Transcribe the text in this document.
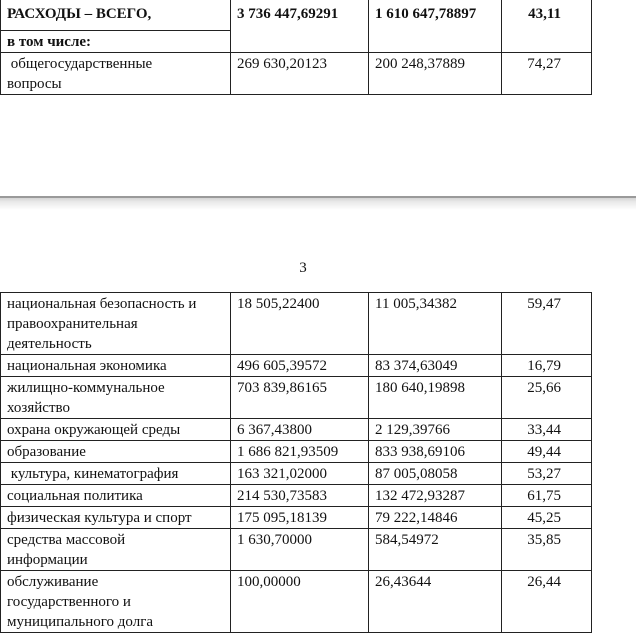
РАСХОДЫ – ВСЕГО,	3 736 447,69291	1 610 647,78897	43,11
в том числе:			
общегосударственные
вопросы	269 630,20123	200 248,37889	74,27
3
национальная безопасность и
правоохранительная
деятельность	18 505,22400	11 005,34382	59,47
национальная экономика	496 605,39572	83 374,63049	16,79
жилищно-коммунальное
хозяйство	703 839,86165	180 640,19898	25,66
охрана окружающей среды	6 367,43800	2 129,39766	33,44
образование	1 686 821,93509	833 938,69106	49,44
культура, кинематография	163 321,02000	87 005,08058	53,27
социальная политика	214 530,73583	132 472,93287	61,75
физическая культура и спорт	175 095,18139	79 222,14846	45,25
средства массовой
информации	1 630,70000	584,54972	35,85
обслуживание
государственного и
муниципального долга	100,00000	26,43644	26,44
